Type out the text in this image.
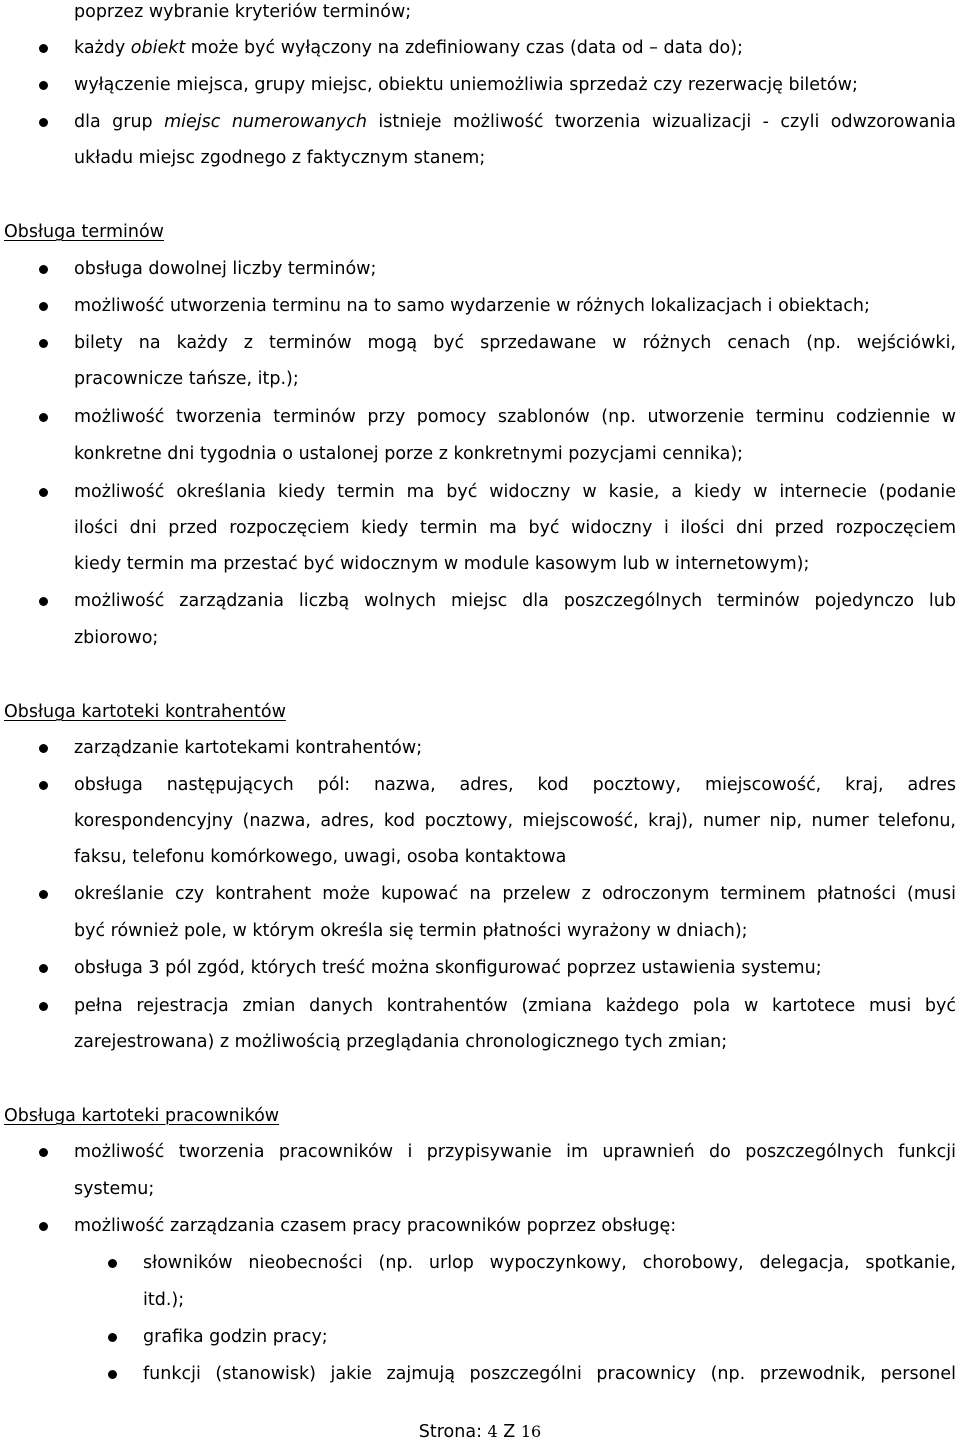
poprzez wybranie kryteriów terminów;
każdy obiekt może być wyłączony na zdefiniowany czas (data od – data do);
wyłączenie miejsca, grupy miejsc, obiektu uniemożliwia sprzedaż czy rezerwację biletów;
dla grup miejsc numerowanych istnieje możliwość tworzenia wizualizacji - czyli odwzorowania
układu miejsc zgodnego z faktycznym stanem;
Obsługa terminów
obsługa dowolnej liczby terminów;
możliwość utworzenia terminu na to samo wydarzenie w różnych lokalizacjach i obiektach;
bilety na każdy z terminów mogą być sprzedawane w różnych cenach (np. wejściówki,
pracownicze tańsze, itp.);
możliwość tworzenia terminów przy pomocy szablonów (np. utworzenie terminu codziennie w
konkretne dni tygodnia o ustalonej porze z konkretnymi pozycjami cennika);
możliwość określania kiedy termin ma być widoczny w kasie, a kiedy w internecie (podanie
ilości dni przed rozpoczęciem kiedy termin ma być widoczny i ilości dni przed rozpoczęciem
kiedy termin ma przestać być widocznym w module kasowym lub w internetowym);
możliwość zarządzania liczbą wolnych miejsc dla poszczególnych terminów pojedynczo lub
zbiorowo;
Obsługa kartoteki kontrahentów
zarządzanie kartotekami kontrahentów;
obsługa następujących pól: nazwa, adres, kod pocztowy, miejscowość, kraj, adres
korespondencyjny (nazwa, adres, kod pocztowy, miejscowość, kraj), numer nip, numer telefonu,
faksu, telefonu komórkowego, uwagi, osoba kontaktowa
określanie czy kontrahent może kupować na przelew z odroczonym terminem płatności (musi
być również pole, w którym określa się termin płatności wyrażony w dniach);
obsługa 3 pól zgód, których treść można skonfigurować poprzez ustawienia systemu;
pełna rejestracja zmian danych kontrahentów (zmiana każdego pola w kartotece musi być
zarejestrowana) z możliwością przeglądania chronologicznego tych zmian;
Obsługa kartoteki pracowników
możliwość tworzenia pracowników i przypisywanie im uprawnień do poszczególnych funkcji
systemu;
możliwość zarządzania czasem pracy pracowników poprzez obsługę:
słowników nieobecności (np. urlop wypoczynkowy, chorobowy, delegacja, spotkanie,
itd.);
grafika godzin pracy;
funkcji (stanowisk) jakie zajmują poszczególni pracownicy (np. przewodnik, personel
Strona: 4 Z 16
